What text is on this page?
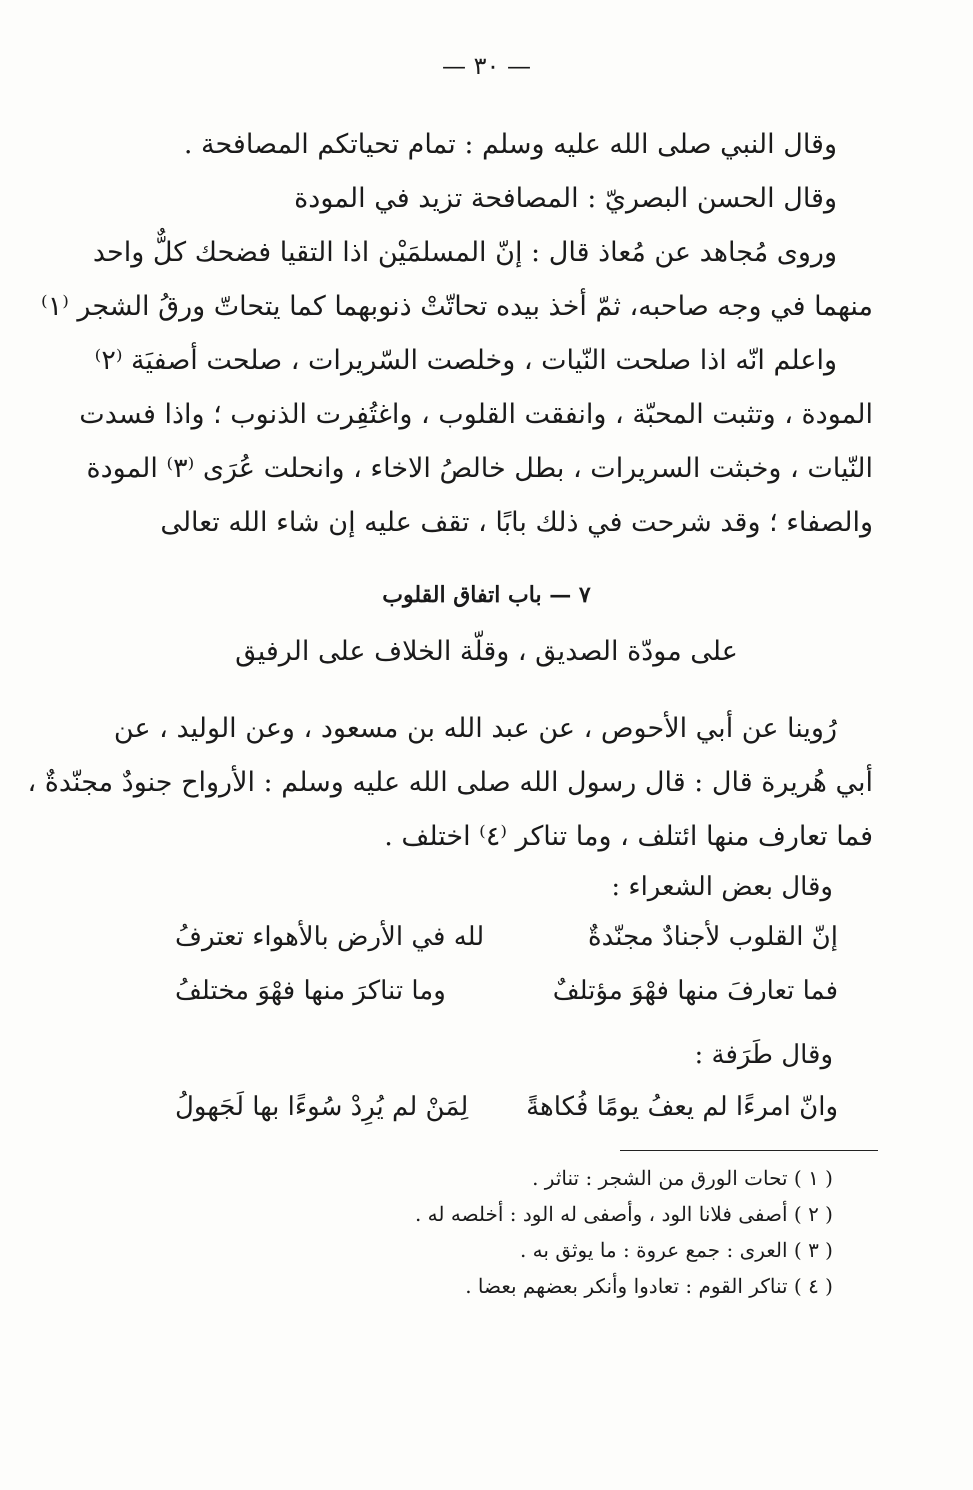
— ٣٠ —

وقال النبي صلى الله عليه وسلم : تمام تحياتكم المصافحة .

وقال الحسن البصريّ : المصافحة تزيد في المودة

وروى مُجاهد عن مُعاذ قال : إنّ المسلمَيْن اذا التقيا فضحك كلٌّ واحد
منهما في وجه صاحبه، ثمّ أخذ بيده تحاتّتْ ذنوبهما كما يتحاتّ ورقُ الشجر ⁽١⁾

واعلم انّه اذا صلحت النّيات ، وخلصت السّريرات ، صلحت أصفيَة ⁽٢⁾
المودة ، وتثبت المحبّة ، وانفقت القلوب ، واغتُفِرت الذنوب ؛ واذا فسدت
النّيات ، وخبثت السريرات ، بطل خالصُ الاخاء ، وانحلت عُرَى ⁽٣⁾ المودة
والصفاء ؛ وقد شرحت في ذلك بابًا ، تقف عليه إن شاء الله تعالى

٧ — باب اتفاق القلوب
على مودّة الصديق ، وقلّة الخلاف على الرفيق

رُوينا عن أبي الأحوص ، عن عبد الله بن مسعود ، وعن الوليد ، عن
أبي هُريرة قال : قال رسول الله صلى الله عليه وسلم : الأرواح جنودٌ مجنّدةٌ ،
فما تعارف منها ائتلف ، وما تناكر ⁽٤⁾ اختلف .

وقال بعض الشعراء :
إنّ القلوب لأجنادٌ مجنّدةٌ
لله في الأرض بالأهواء تعترفُ
فما تعارفَ منها فهْوَ مؤتلفٌ
وما تناكرَ منها فهْوَ مختلفُ
وقال طَرَفة :
وانّ امرءًا لم يعفُ يومًا فُكاهةً
لِمَنْ لم يُرِدْ سُوءًا بها لَجَهولُ
( ١ ) تحات الورق من الشجر : تناثر .
( ٢ ) أصفى فلانا الود ، وأصفى له الود : أخلصه له .
( ٣ ) العرى : جمع عروة : ما يوثق به .
( ٤ ) تناكر القوم : تعادوا وأنكر بعضهم بعضا .
